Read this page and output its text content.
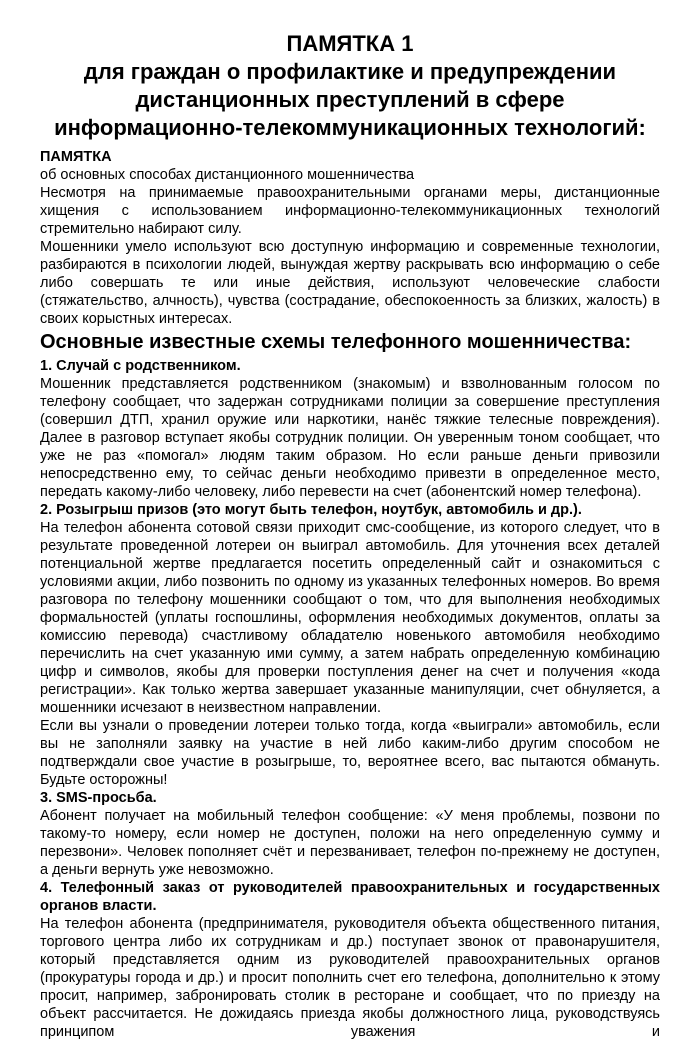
ПАМЯТКА 1
для граждан о профилактике и предупреждении дистанционных преступлений в сфере информационно-телекоммуникационных технологий:

ПАМЯТКА

об основных способах дистанционного мошенничества

Несмотря на принимаемые правоохранительными органами меры, дистанционные хищения с использованием информационно-телекоммуникационных технологий стремительно набирают силу.

Мошенники умело используют всю доступную информацию и современные технологии, разбираются в психологии людей, вынуждая жертву раскрывать всю информацию о себе либо совершать те или иные действия, используют человеческие слабости (стяжательство, алчность), чувства (сострадание, обеспокоенность за близких, жалость) в своих корыстных интересах.

Основные известные схемы телефонного мошенничества:

1. Случай с родственником.

Мошенник представляется родственником (знакомым) и взволнованным голосом по телефону сообщает, что задержан сотрудниками полиции за совершение преступления (совершил ДТП, хранил оружие или наркотики, нанёс тяжкие телесные повреждения). Далее в разговор вступает якобы сотрудник полиции. Он уверенным тоном сообщает, что уже не раз «помогал» людям таким образом. Но если раньше деньги привозили непосредственно ему, то сейчас деньги необходимо привезти в определенное место, передать какому-либо человеку, либо перевести на счет (абонентский номер телефона).

2. Розыгрыш призов (это могут быть телефон, ноутбук, автомобиль и др.).

На телефон абонента сотовой связи приходит смс-сообщение, из которого следует, что в результате проведенной лотереи он выиграл автомобиль. Для уточнения всех деталей потенциальной жертве предлагается посетить определенный сайт и ознакомиться с условиями акции, либо позвонить по одному из указанных телефонных номеров. Во время разговора по телефону мошенники сообщают о том, что для выполнения необходимых формальностей (уплаты госпошлины, оформления необходимых документов, оплаты за комиссию перевода) счастливому обладателю новенького автомобиля необходимо перечислить на счет указанную ими сумму, а затем набрать определенную комбинацию цифр и символов, якобы для проверки поступления денег на счет и получения «кода регистрации». Как только жертва завершает указанные манипуляции, счет обнуляется, а мошенники исчезают в неизвестном направлении.

Если вы узнали о проведении лотереи только тогда, когда «выиграли» автомобиль, если вы не заполняли заявку на участие в ней либо каким-либо другим способом не подтверждали свое участие в розыгрыше, то, вероятнее всего, вас пытаются обмануть. Будьте осторожны!

3. SMS-просьба.

Абонент получает на мобильный телефон сообщение: «У меня проблемы, позвони по такому-то номеру, если номер не доступен, положи на него определенную сумму и перезвони». Человек пополняет счёт и перезванивает, телефон по-прежнему не доступен, а деньги вернуть уже невозможно.

4. Телефонный заказ от руководителей правоохранительных и государственных органов власти.

На телефон абонента (предпринимателя, руководителя объекта общественного питания, торгового центра либо их сотрудникам и др.) поступает звонок от правонарушителя, который представляется одним из руководителей правоохранительных органов (прокуратуры города и др.) и просит пополнить счет его телефона, дополнительно к этому просит, например, забронировать столик в ресторане и сообщает, что по приезду на объект рассчитается. Не дожидаясь приезда якобы должностного лица, руководствуясь принципом уважения и
